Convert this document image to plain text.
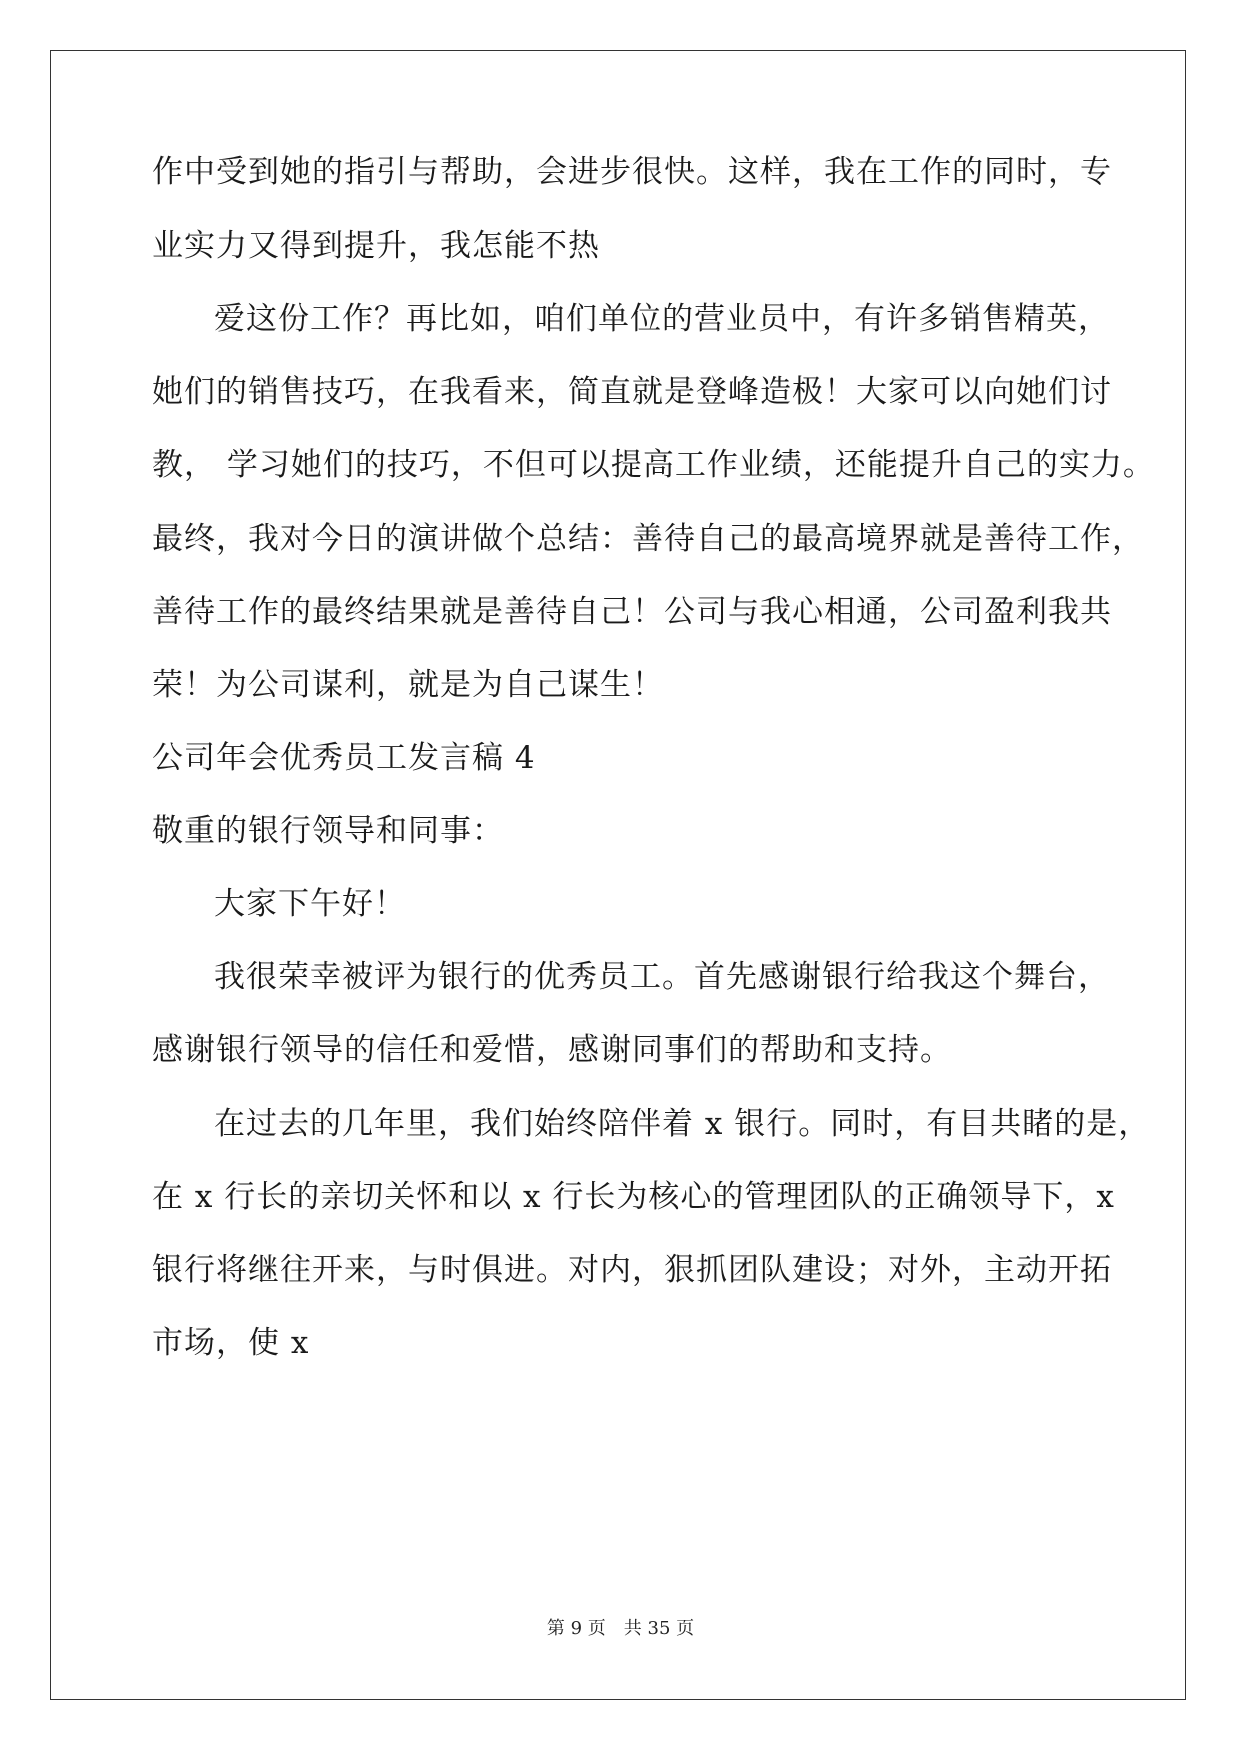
作中受到她的指引与帮助，会进步很快。这样，我在工作的同时，专
业实力又得到提升，我怎能不热
爱这份工作？再比如，咱们单位的营业员中，有许多销售精英，
她们的销售技巧，在我看来，简直就是登峰造极！大家可以向她们讨
教， 学习她们的技巧，不但可以提高工作业绩，还能提升自己的实力。
最终，我对今日的演讲做个总结：善待自己的最高境界就是善待工作，
善待工作的最终结果就是善待自己！公司与我心相通，公司盈利我共
荣！为公司谋利，就是为自己谋生！
公司年会优秀员工发言稿 4
敬重的银行领导和同事：
大家下午好！
我很荣幸被评为银行的优秀员工。首先感谢银行给我这个舞台，
感谢银行领导的信任和爱惜，感谢同事们的帮助和支持。
在过去的几年里，我们始终陪伴着 x 银行。同时，有目共睹的是，
在 x 行长的亲切关怀和以 x 行长为核心的管理团队的正确领导下，x
银行将继往开来，与时俱进。对内，狠抓团队建设；对外，主动开拓
市场，使 x
第 9 页　共 35 页
